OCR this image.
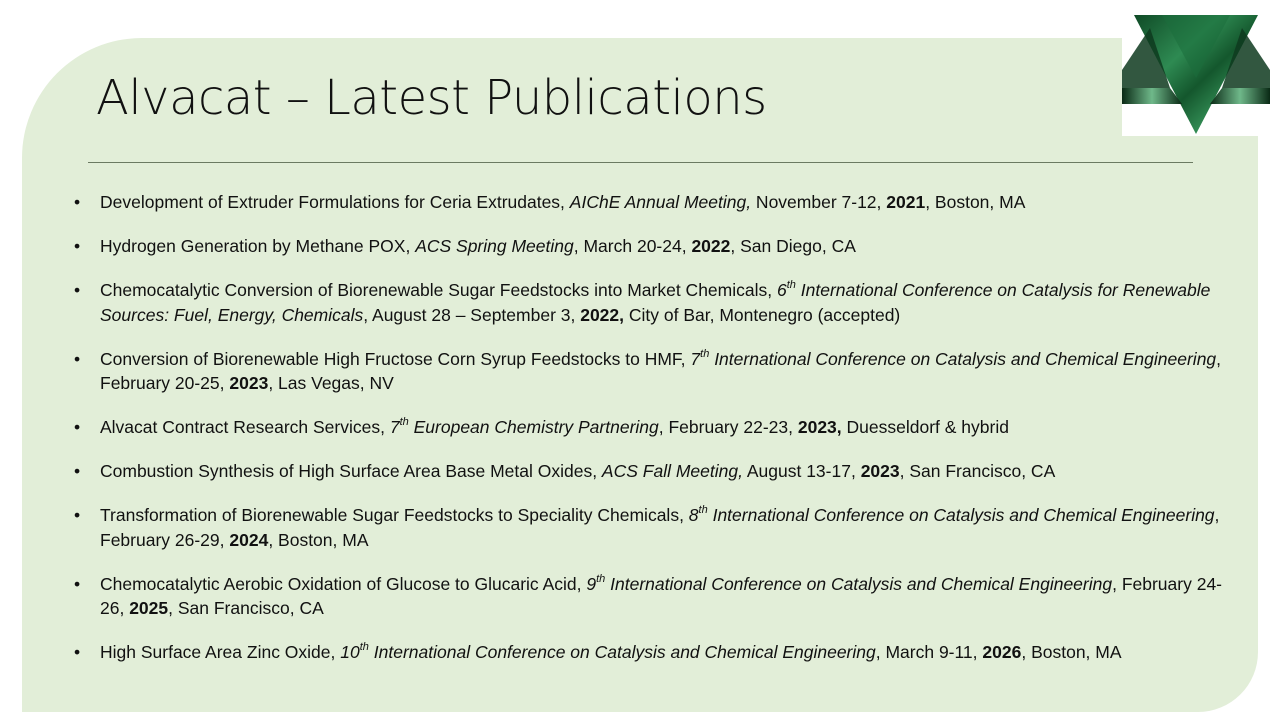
Alvacat – Latest Publications
• Development of Extruder Formulations for Ceria Extrudates, AIChE Annual Meeting, November 7-12, 2021, Boston, MA
• Hydrogen Generation by Methane POX, ACS Spring Meeting, March 20-24, 2022, San Diego, CA
• Chemocatalytic Conversion of Biorenewable Sugar Feedstocks into Market Chemicals, 6th International Conference on Catalysis for Renewable Sources: Fuel, Energy, Chemicals, August 28 – September 3, 2022, City of Bar, Montenegro (accepted)
• Conversion of Biorenewable High Fructose Corn Syrup Feedstocks to HMF, 7th International Conference on Catalysis and Chemical Engineering, February 20-25, 2023, Las Vegas, NV
• Alvacat Contract Research Services, 7th European Chemistry Partnering, February 22-23, 2023, Duesseldorf & hybrid
• Combustion Synthesis of High Surface Area Base Metal Oxides, ACS Fall Meeting, August 13-17, 2023, San Francisco, CA
• Transformation of Biorenewable Sugar Feedstocks to Speciality Chemicals, 8th International Conference on Catalysis and Chemical Engineering, February 26-29, 2024, Boston, MA
• Chemocatalytic Aerobic Oxidation of Glucose to Glucaric Acid, 9th International Conference on Catalysis and Chemical Engineering, February 24-26, 2025, San Francisco, CA
• High Surface Area Zinc Oxide, 10th International Conference on Catalysis and Chemical Engineering, March 9-11, 2026, Boston, MA
